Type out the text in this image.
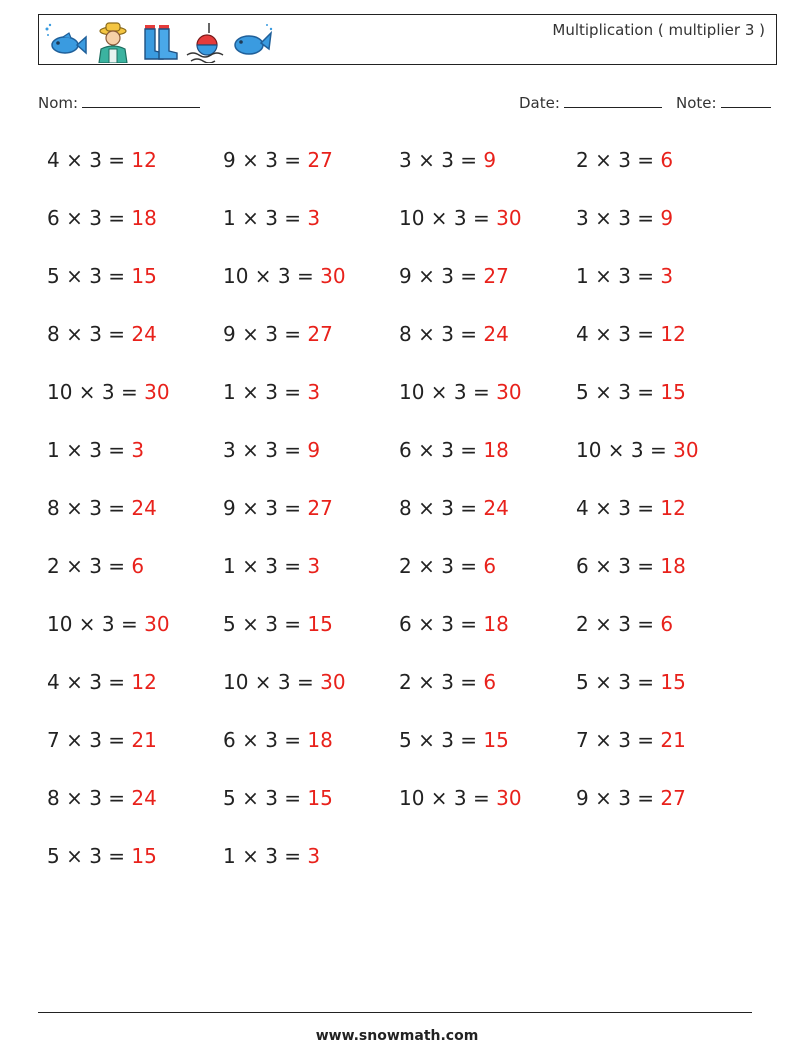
Multiplication ( multiplier 3 )
Nom:	Date:	Note:
4 × 3 = 12	9 × 3 = 27	3 × 3 = 9	2 × 3 = 6
6 × 3 = 18	1 × 3 = 3	10 × 3 = 30	3 × 3 = 9
5 × 3 = 15	10 × 3 = 30	9 × 3 = 27	1 × 3 = 3
8 × 3 = 24	9 × 3 = 27	8 × 3 = 24	4 × 3 = 12
10 × 3 = 30	1 × 3 = 3	10 × 3 = 30	5 × 3 = 15
1 × 3 = 3	3 × 3 = 9	6 × 3 = 18	10 × 3 = 30
8 × 3 = 24	9 × 3 = 27	8 × 3 = 24	4 × 3 = 12
2 × 3 = 6	1 × 3 = 3	2 × 3 = 6	6 × 3 = 18
10 × 3 = 30	5 × 3 = 15	6 × 3 = 18	2 × 3 = 6
4 × 3 = 12	10 × 3 = 30	2 × 3 = 6	5 × 3 = 15
7 × 3 = 21	6 × 3 = 18	5 × 3 = 15	7 × 3 = 21
8 × 3 = 24	5 × 3 = 15	10 × 3 = 30	9 × 3 = 27
5 × 3 = 15	1 × 3 = 3
www.snowmath.com
